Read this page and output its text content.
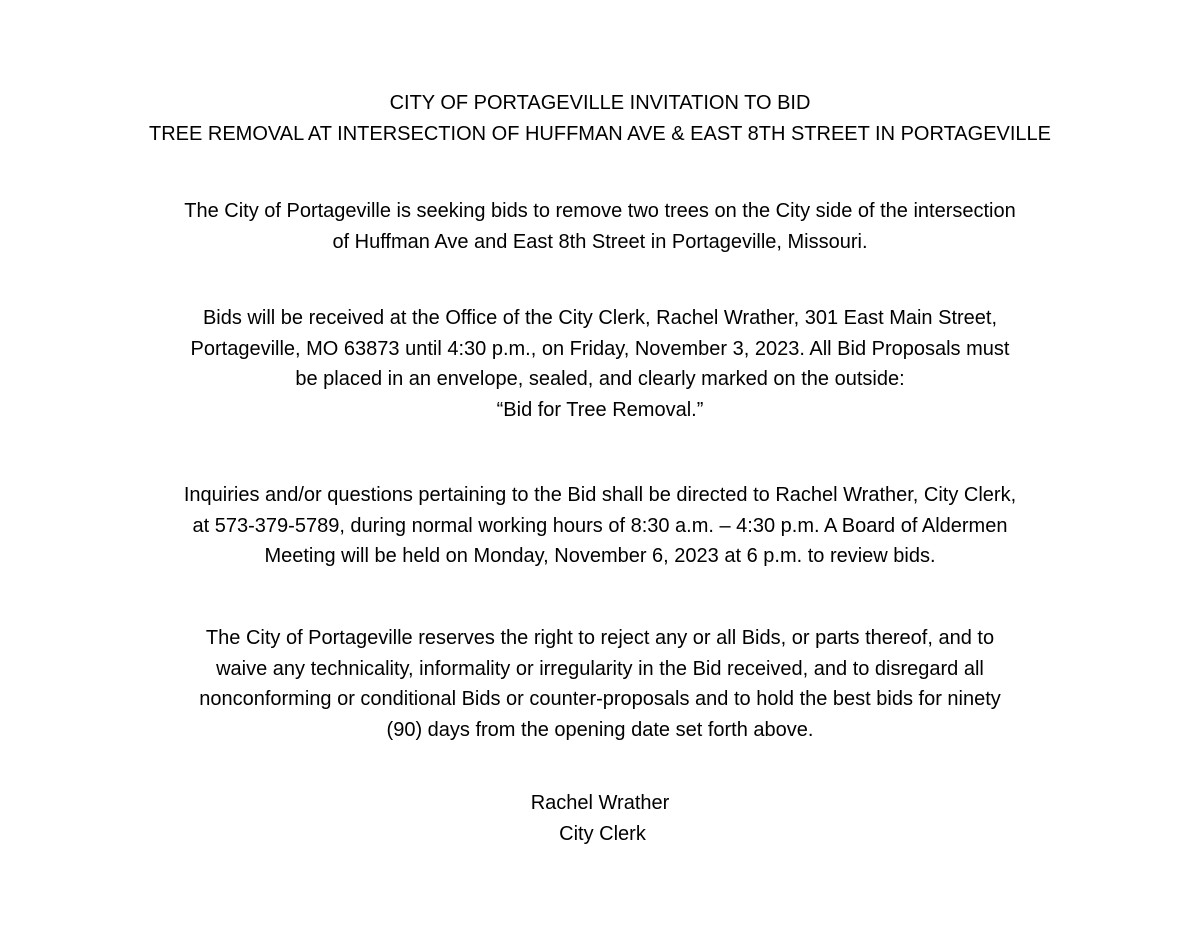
CITY OF PORTAGEVILLE INVITATION TO BID
TREE REMOVAL AT INTERSECTION OF HUFFMAN AVE & EAST 8TH STREET IN PORTAGEVILLE
The City of Portageville is seeking bids to remove two trees on the City side of the intersection
of Huffman Ave and East 8th Street in Portageville, Missouri.
Bids will be received at the Office of the City Clerk, Rachel Wrather, 301 East Main Street,
Portageville, MO 63873 until 4:30 p.m., on Friday, November 3, 2023. All Bid Proposals must
be placed in an envelope, sealed, and clearly marked on the outside:
“Bid for Tree Removal.”
Inquiries and/or questions pertaining to the Bid shall be directed to Rachel Wrather, City Clerk,
at 573-379-5789, during normal working hours of 8:30 a.m. – 4:30 p.m. A Board of Aldermen
Meeting will be held on Monday, November 6, 2023 at 6 p.m. to review bids.
The City of Portageville reserves the right to reject any or all Bids, or parts thereof, and to
waive any technicality, informality or irregularity in the Bid received, and to disregard all
nonconforming or conditional Bids or counter-proposals and to hold the best bids for ninety
(90) days from the opening date set forth above.
Rachel Wrather
City Clerk
